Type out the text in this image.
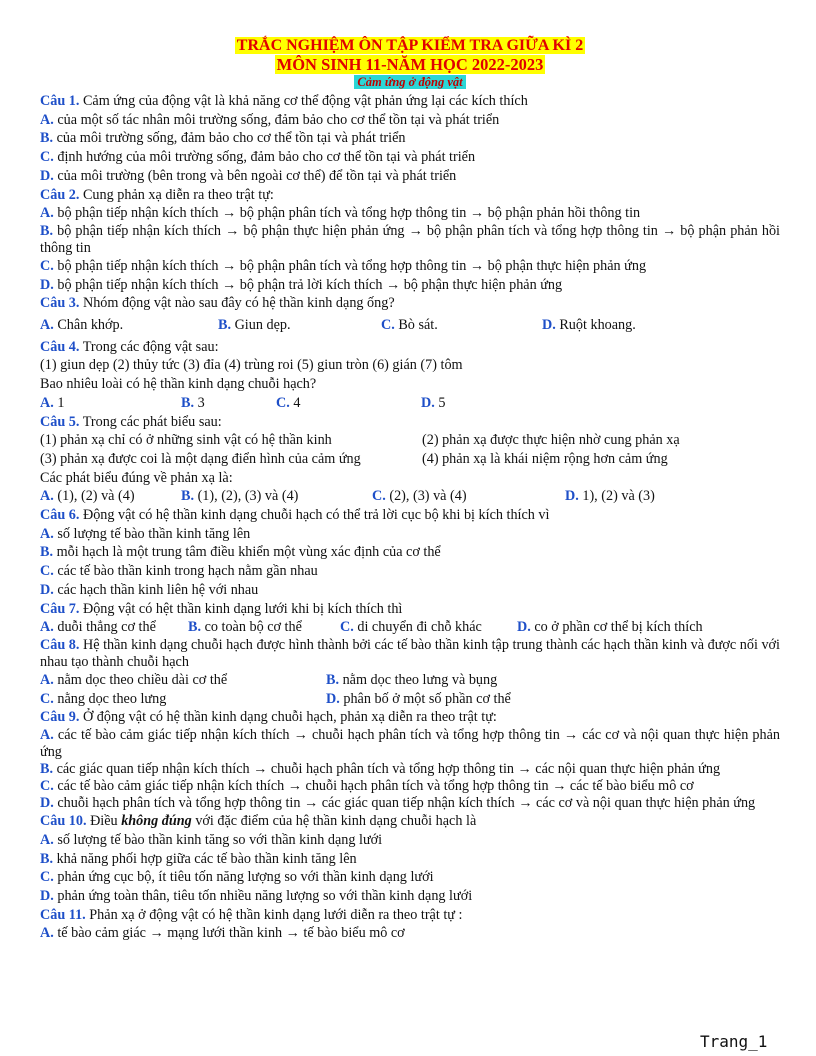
TRẮC NGHIỆM ÔN TẬP KIỂM TRA GIỮA KÌ 2
MÔN SINH 11-NĂM HỌC 2022-2023
Cảm ứng ở động vật
Câu 1. Cảm ứng của động vật là khả năng cơ thể động vật phản ứng lại các kích thích
A. của một số tác nhân môi trường sống, đảm bảo cho cơ thể tồn tại và phát triển
B. của môi trường sống, đảm bảo cho cơ thể tồn tại và phát triển
C. định hướng của môi trường sống, đảm bảo cho cơ thể tồn tại và phát triển
D. của môi trường (bên trong và bên ngoài cơ thể) để tồn tại và phát triển
Câu 2. Cung phản xạ diễn ra theo trật tự:
A. bộ phận tiếp nhận kích thích → bộ phận phân tích và tổng hợp thông tin → bộ phận phản hồi thông tin
B. bộ phận tiếp nhận kích thích → bộ phận thực hiện phản ứng → bộ phận phân tích và tổng hợp thông tin → bộ phận phản hồi thông tin
C. bộ phận tiếp nhận kích thích → bộ phận phân tích và tổng hợp thông tin → bộ phận thực hiện phản ứng
D. bộ phận tiếp nhận kích thích → bộ phận trả lời kích thích → bộ phận thực hiện phản ứng
Câu 3. Nhóm động vật nào sau đây có hệ thần kinh dạng ống?
A. Chân khớp.	B. Giun dẹp.	C. Bò sát.	D. Ruột khoang.
Câu 4. Trong các động vật sau:
(1) giun dẹp (2) thủy tức (3) đỉa (4) trùng roi (5) giun tròn (6) gián (7) tôm
Bao nhiêu loài có hệ thần kinh dạng chuỗi hạch?
A. 1	B. 3	C. 4	D. 5
Câu 5. Trong các phát biểu sau:
(1) phản xạ chỉ có ở những sinh vật có hệ thần kinh	(2) phản xạ được thực hiện nhờ cung phản xạ
(3) phản xạ được coi là một dạng điển hình của cảm ứng	(4) phản xạ là khái niệm rộng hơn cảm ứng
Các phát biểu đúng về phản xạ là:
A. (1), (2) và (4)	B. (1), (2), (3) và (4)	C. (2), (3) và (4)	D. 1), (2) và (3)
Câu 6. Động vật có hệ thần kinh dạng chuỗi hạch có thể trả lời cục bộ khi bị kích thích vì
A. số lượng tế bào thần kinh tăng lên
B. mỗi hạch là một trung tâm điều khiển một vùng xác định của cơ thể
C. các tế bào thần kinh trong hạch nằm gần nhau
D. các hạch thần kinh liên hệ với nhau
Câu 7. Động vật có hệt thần kinh dạng lưới khi bị kích thích thì
A. duỗi thẳng cơ thể	B. co toàn bộ cơ thể	C. di chuyển đi chỗ khác	D. co ở phần cơ thể bị kích thích
Câu 8. Hệ thần kinh dạng chuỗi hạch được hình thành bởi các tế bào thần kinh tập trung thành các hạch thần kinh và được nối với nhau tạo thành chuỗi hạch
A. nằm dọc theo chiều dài cơ thể	B. nằm dọc theo lưng và bụng
C. nằng dọc theo lưng	D. phân bố ở một số phần cơ thể
Câu 9. Ở động vật có hệ thần kinh dạng chuỗi hạch, phản xạ diễn ra theo trật tự:
A. các tế bào cảm giác tiếp nhận kích thích → chuỗi hạch phân tích và tổng hợp thông tin → các cơ và nội quan thực hiện phản ứng
B. các giác quan tiếp nhận kích thích → chuỗi hạch phân tích và tổng hợp thông tin → các nội quan thực hiện phản ứng
C. các tế bào cảm giác tiếp nhận kích thích → chuỗi hạch phân tích và tổng hợp thông tin → các tế bào biểu mô cơ
D. chuỗi hạch phân tích và tổng hợp thông tin → các giác quan tiếp nhận kích thích → các cơ và nội quan thực hiện phản ứng
Câu 10. Điều không đúng với đặc điểm của hệ thần kinh dạng chuỗi hạch là
A. số lượng tế bào thần kinh tăng so với thần kinh dạng lưới
B. khả năng phối hợp giữa các tế bào thần kinh tăng lên
C. phản ứng cục bộ, ít tiêu tốn năng lượng so với thần kinh dạng lưới
D. phản ứng toàn thân, tiêu tốn nhiều năng lượng so với thần kinh dạng lưới
Câu 11. Phản xạ ở động vật có hệ thần kinh dạng lưới diễn ra theo trật tự :
A. tế bào cảm giác → mạng lưới thần kinh → tế bào biểu mô cơ
Trang_1
